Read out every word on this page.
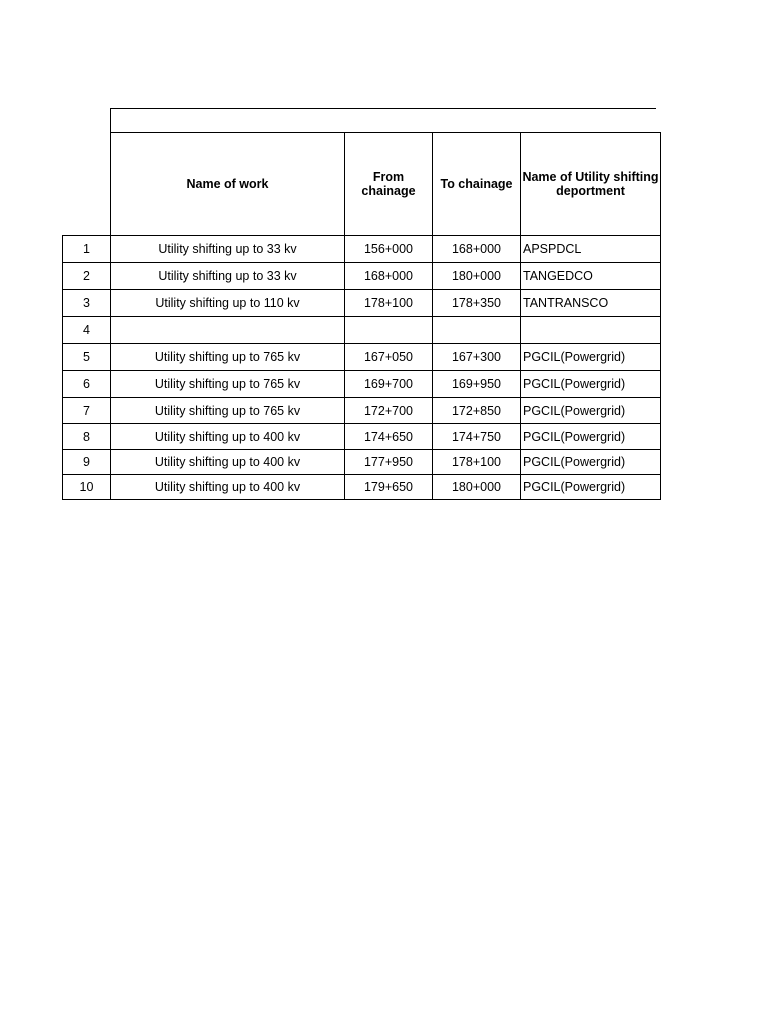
	Name of work	From chainage	To chainage	Name of Utility shifting deportment
1	Utility shifting up to 33 kv	156+000	168+000	APSPDCL
2	Utility shifting up to 33 kv	168+000	180+000	TANGEDCO
3	Utility shifting up to 110 kv	178+100	178+350	TANTRANSCO
4				
5	Utility shifting up to 765 kv	167+050	167+300	PGCIL(Powergrid)
6	Utility shifting up to 765 kv	169+700	169+950	PGCIL(Powergrid)
7	Utility shifting up to 765 kv	172+700	172+850	PGCIL(Powergrid)
8	Utility shifting up to 400 kv	174+650	174+750	PGCIL(Powergrid)
9	Utility shifting up to 400 kv	177+950	178+100	PGCIL(Powergrid)
10	Utility shifting up to 400 kv	179+650	180+000	PGCIL(Powergrid)
